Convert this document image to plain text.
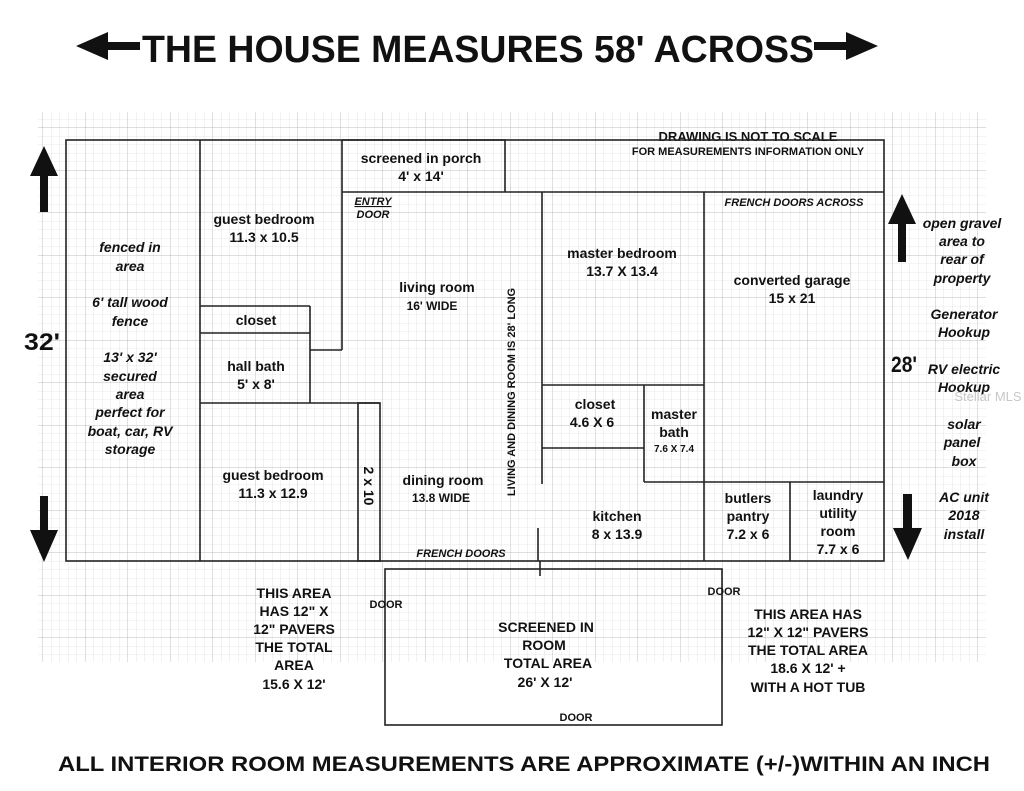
THE HOUSE MEASURES 58' ACROSS
DRAWING IS NOT TO SCALE
FOR MEASUREMENTS INFORMATION ONLY
32'
28'
fenced in
area
6' tall wood
fence
13' x 32'
secured
area
perfect for
boat, car, RV
storage
screened in porch
4' x 14'
ENTRY
DOOR
guest bedroom
11.3 x 10.5
closet
hall bath
5' x 8'
guest bedroom
11.3 x 12.9	2 x 10
living room
16' WIDE	LIVING AND DINING ROOM IS 28' LONG
dining room
13.8 WIDE
FRENCH DOORS
master bedroom
13.7 X 13.4
closet
4.6 X 6	master
bath
7.6 X 7.4
kitchen
8 x 13.9
FRENCH DOORS ACROSS
converted garage
15 x 21
butlers
pantry
7.2 x 6
laundry
utility
room
7.7 x 6
open gravel
area to
rear of
property
Generator
Hookup
RV electric
Hookup
solar
panel
box
AC unit
2018
install
Stellar MLS
THIS AREA
HAS 12" X
12" PAVERS
THE TOTAL
AREA
15.6 X 12'
DOOR
DOOR
DOOR
SCREENED IN
ROOM
TOTAL AREA
26' X 12'
THIS AREA HAS
12" X 12" PAVERS
THE TOTAL AREA
18.6 X 12' +
WITH A HOT TUB
ALL INTERIOR ROOM MEASUREMENTS ARE APPROXIMATE (+/-)WITHIN AN INCH
